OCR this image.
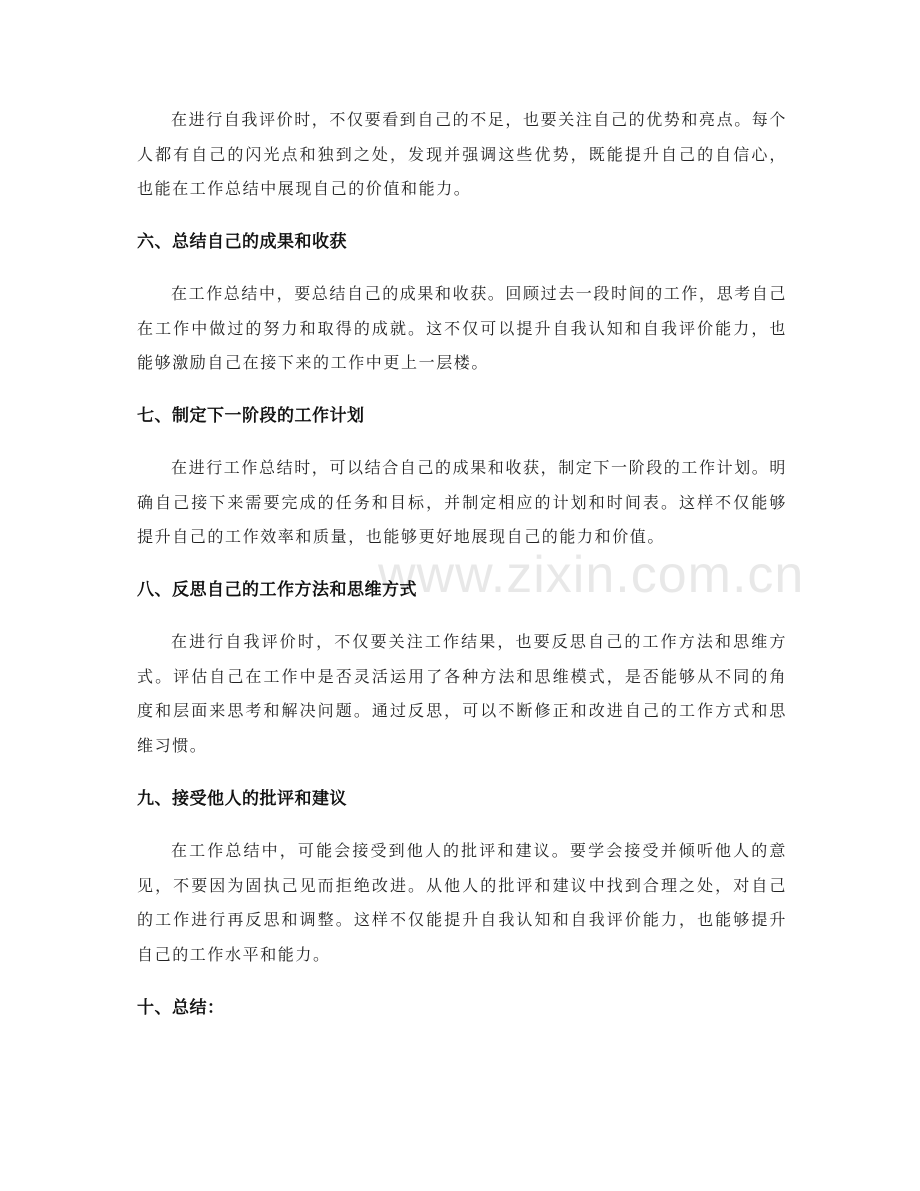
在进行自我评价时，不仅要看到自己的不足，也要关注自己的优势和亮点。每个人都有自己的闪光点和独到之处，发现并强调这些优势，既能提升自己的自信心，也能在工作总结中展现自己的价值和能力。

六、总结自己的成果和收获

在工作总结中，要总结自己的成果和收获。回顾过去一段时间的工作，思考自己在工作中做过的努力和取得的成就。这不仅可以提升自我认知和自我评价能力，也能够激励自己在接下来的工作中更上一层楼。

七、制定下一阶段的工作计划

在进行工作总结时，可以结合自己的成果和收获，制定下一阶段的工作计划。明确自己接下来需要完成的任务和目标，并制定相应的计划和时间表。这样不仅能够提升自己的工作效率和质量，也能够更好地展现自己的能力和价值。

八、反思自己的工作方法和思维方式

在进行自我评价时，不仅要关注工作结果，也要反思自己的工作方法和思维方式。评估自己在工作中是否灵活运用了各种方法和思维模式，是否能够从不同的角度和层面来思考和解决问题。通过反思，可以不断修正和改进自己的工作方式和思维习惯。

九、接受他人的批评和建议

在工作总结中，可能会接受到他人的批评和建议。要学会接受并倾听他人的意见，不要因为固执己见而拒绝改进。从他人的批评和建议中找到合理之处，对自己的工作进行再反思和调整。这样不仅能提升自我认知和自我评价能力，也能够提升自己的工作水平和能力。

十、总结：
www.zixin.com.cn
